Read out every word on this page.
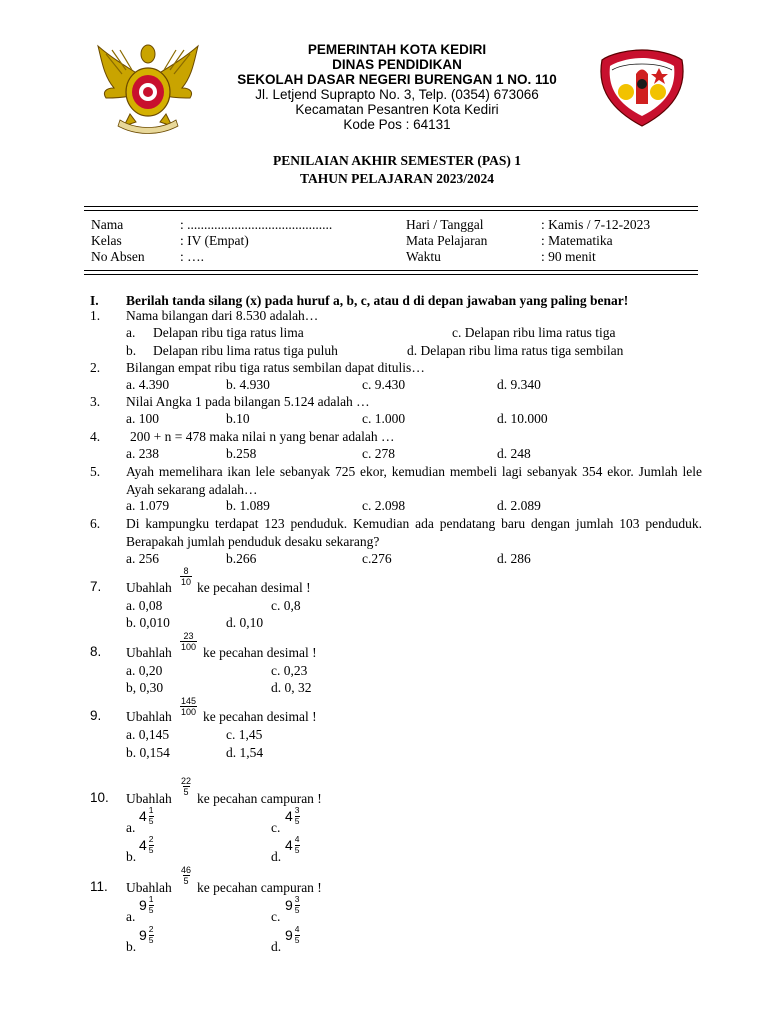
PEMERINTAH KOTA KEDIRI
DINAS PENDIDIKAN
SEKOLAH DASAR NEGERI BURENGAN 1 NO. 110
Jl. Letjend Suprapto No. 3, Telp. (0354) 673066
Kecamatan Pesantren Kota Kediri
Kode Pos : 64131
PENILAIAN AKHIR SEMESTER (PAS) 1
TAHUN PELAJARAN 2023/2024
Nama	: ...........................................	Hari / Tanggal	: Kamis / 7-12-2023
Kelas	: IV (Empat)	Mata Pelajaran	: Matematika
No Absen	: ….	Waktu	: 90 menit
I. Berilah tanda silang (x) pada huruf a, b, c, atau d di depan jawaban yang paling benar!
1. Nama bilangan dari 8.530 adalah…
a. Delapan ribu tiga ratus lima	c. Delapan ribu lima ratus tiga
b. Delapan ribu lima ratus tiga puluh	d. Delapan ribu lima ratus tiga sembilan
2. Bilangan empat ribu tiga ratus sembilan dapat ditulis…
a. 4.390	b. 4.930	c. 9.430	d. 9.340
3. Nilai Angka 1 pada bilangan 5.124 adalah …
a. 100	b.10	c. 1.000	d. 10.000
4. 200 + n = 478 maka nilai n yang benar adalah …
a. 238	b.258	c. 278	d. 248
5. Ayah memelihara ikan lele sebanyak 725 ekor, kemudian membeli lagi sebanyak 354 ekor. Jumlah lele Ayah sekarang adalah…
a. 1.079	b. 1.089	c. 2.098	d. 2.089
6. Di kampungku terdapat 123 penduduk. Kemudian ada pendatang baru dengan jumlah 103 penduduk. Berapakah jumlah penduduk desaku sekarang?
a. 256	b.266	c.276	d. 286
7. Ubahlah
$\frac{8}{10}$
ke pecahan desimal !
a. 0,08	c. 0,8
b. 0,010	d. 0,10
8. Ubahlah
$\frac{23}{100}$
ke pecahan desimal !
a. 0,20	c. 0,23
b, 0,30	d. 0, 32
9. Ubahlah $\frac{145}{100}$ ke pecahan desimal !
a. 0,145	c. 1,45
b. 0,154	d. 1,54
10. Ubahlah
$\frac{22}{5}$
ke pecahan campuran !
a.
$4 \frac{1}{5}$
c.
$4 \frac{3}{5}$
b.
$4 \frac{2}{5}$
d.
$4 \frac{4}{5}$
11. Ubahlah
$\frac{46}{5}$
ke pecahan campuran !
a.
$9 \frac{1}{5}$
c.
$9 \frac{3}{5}$
b.
$9 \frac{2}{5}$
d.
$9 \frac{4}{5}$
